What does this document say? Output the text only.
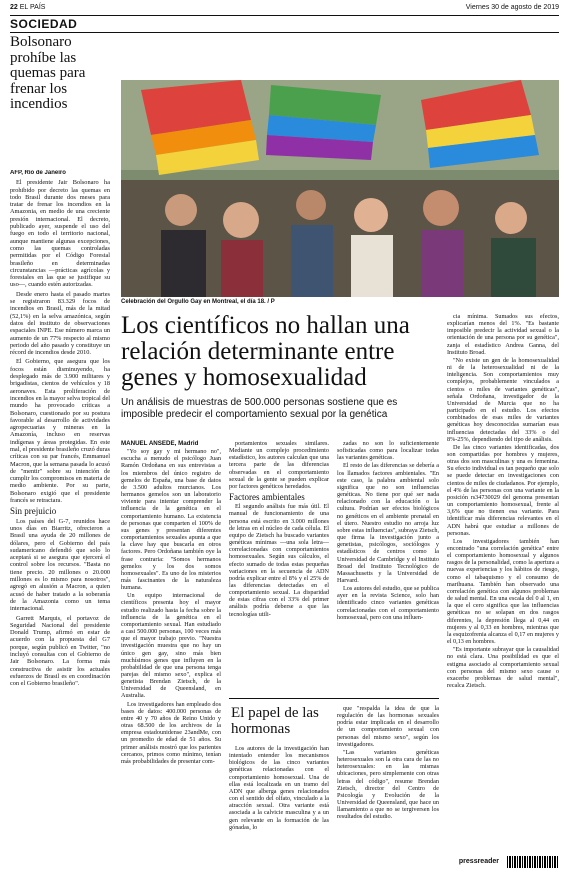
22 EL PAÍS	Viernes 30 de agosto de 2019
SOCIEDAD
Bolsonaro prohíbe las quemas para frenar los incendios
AFP, Río de Janeiro

El presidente Jair Bolsonaro ha prohibido por decreto las quemas en todo Brasil durante dos meses para tratar de frenar los incendios en la Amazonia, en medio de una creciente presión internacional. El decreto, publicado ayer, suspende el uso del fuego en todo el territorio nacional, aunque mantiene algunas excepciones, como las quemas controladas permitidas por el Código Forestal brasileño en determinadas circunstancias —prácticas agrícolas y forestales en las que se justifique su uso—, cuando estén autorizadas.

Desde enero hasta el pasado martes se registraron 83.329 focos de incendios en Brasil, más de la mitad (52,1%) en la selva amazónica, según datos del instituto de observaciones espaciales INPE. Ese número marca un aumento de un 77% respecto al mismo periodo del año pasado y constituye un récord de incendios desde 2010.

El Gobierno, que asegura que los focos están disminuyendo, ha desplegado más de 3.900 militares y brigadistas, cientos de vehículos y 18 aeronaves. Esta proliferación de incendios en la mayor selva tropical del mundo ha provocado críticas a Bolsonaro, cuestionado por su postura favorable al desarrollo de actividades agropecuarias y mineras en la Amazonía, incluso en reservas indígenas y áreas protegidas. En este mal, el presidente brasileño cruzó duras críticas con su par francés, Emmanuel Macron, que la semana pasada lo acusó de "mentir" sobre su intención de cumplir los compromisos en materia de medio ambiente. Por su parte, Bolsonaro exigió que el presidente francés se retractara.

Sin prejuicio

Los países del G-7, reunidos hace unos días en Biarritz, ofrecieron a Brasil una ayuda de 20 millones de dólares, pero el Gobierno del país sudamericano defendió que solo lo aceptará si se asegura que ejercerá el control sobre los recursos. "Basta no tiene precio. 20 millones o 20.000 millones es lo mismo para nosotros", agregó en alusión a Macron, a quien acusó de haber tratado a la soberanía de la Amazonia como un tema internacional.

Garrett Marquis, el portavoz de Seguridad Nacional del presidente Donald Trump, afirmó en estar de acuerdo con la propuesta del G7 porque, según publicó en Twitter, "no incluyó consultas con el Gobierno de Jair Bolsonaro. La forma más constructiva de asistir los actuales esfuerzos de Brasil es en coordinación con el Gobierno brasileño".

Celebración del Orgullo Gay en Montreal, el día 18. / P
Los científicos no hallan una relación determinante entre genes y homosexualidad
Un análisis de muestras de 500.000 personas sostiene que es imposible predecir el comportamiento sexual por la genética

MANUEL ANSEDE, Madrid

"Yo soy gay y mi hermano no", escucha a menudo el psicólogo Juan Ramón Ordoñana en sus entrevistas a los miembros del único registro de gemelos de España, una base de datos de 3.500 adultos murcianos. Los hermanos gemelos son un laboratorio viviente para intentar comprender la influencia de la genética en el comportamiento humano. La existencia de personas que comparten el 100% de sus genes y presentan diferentes comportamientos sexuales apunta a que la clave hay que buscarla en otros factores. Pero Ordoñana también oye la frase contraria: "Somos hermanos gemelos y los dos somos homosexuales". Es uno de los misterios más fascinantes de la naturaleza humana.

Un equipo internacional de científicos presenta hoy el mayor estudio realizado hasta la fecha sobre la influencia de la genética en el comportamiento sexual. Han estudiado a casi 500.000 personas, 100 veces más que el mayor trabajo previo. "Nuestra investigación muestra que no hay un único gen gay, sino más bien muchísimos genes que influyen en la probabilidad de que una persona tenga parejas del mismo sexo", explica el genetista Brendan Zietsch, de la Universidad de Queensland, en Australia.

Los investigadores han empleado dos bases de datos: 400.000 personas de entre 40 y 70 años de Reino Unido y otras 68.500 de los archivos de la empresa estadounidense 23andMe, con un promedio de edad de 51 años. Su primer análisis mostró que los parientes cercanos, primos como mínimo, tenían más probabilidades de presentar com-

portamientos sexuales similares. Mediante un complejo procedimiento estadístico, los autores calculan que una tercera parte de las diferencias observadas en el comportamiento sexual de la gente se pueden explicar por factores genéticos heredados.

Factores ambientales

El segundo análisis fue más útil. El manual de funcionamiento de una persona está escrito en 3.000 millones de letras en el núcleo de cada célula. El equipo de Zietsch ha buscado variantes genéticas mínimas —una sola letra— correlacionadas con comportamientos homosexuales. Según sus cálculos, el efecto sumado de todas estas pequeñas variaciones en la secuencia de ADN podría explicar entre el 8% y el 25% de las diferencias detectadas en el comportamiento sexual. La disparidad de estas cifras con el 33% del primer análisis podría deberse a que las tecnologías utili-

El papel de las hormonas

Los autores de la investigación han intentado entender los mecanismos biológicos de las cinco variantes genéticas relacionadas con el comportamiento homosexual. Una de ellas está localizada en un tramo del ADN que alberga genes relacionados con el sentido del olfato, vinculado a la atracción sexual. Otra variante está asociada a la calvicie masculina y a un gen relevante en la formación de las gónadas, lo

zadas no son lo suficientemente sofisticadas como para localizar todas las variantes genéticas.

El resto de las diferencias se debería a los llamados factores ambientales. "En este caso, la palabra ambiental solo significa que no son influencias genéticas. No tiene por qué ser nada relacionado con la educación o la cultura. Podrían ser efectos biológicos no genéticos en el ambiente prenatal en el útero. Nuestro estudio no arroja luz sobre estas influencias", subraya Zietsch, que firma la investigación junto a genetistas, psicólogos, sociólogos y estadísticos de centros como la Universidad de Cambridge y el Instituto Broad del Instituto Tecnológico de Massachusetts y la Universidad de Harvard.

Los autores del estudio, que se publica ayer en la revista Science, solo han identificado cinco variantes genéticas correlacionadas con el comportamiento homosexual, pero con una influen-

que "respalda la idea de que la regulación de las hormonas sexuales podría estar implicada en el desarrollo de un comportamiento sexual con personas del mismo sexo", según los investigadores.

"Las variantes genéticas heterosexuales son la otra cara de las no heterosexuales: en las mismas ubicaciones, pero simplemente con otras letras del código", resume Brendan Zietsch, director del Centro de Psicología y Evolución de la Universidad de Queensland, que hace un llamamiento a que no se tergiversen los resultados del estudio.

cia mínima. Sumados sus efectos, explicarían menos del 1%. "Es bastante imposible predecir la actividad sexual o la orientación de una persona por su genética", zanja el estadístico Andrea Ganna, del Instituto Broad.

"No existe un gen de la homosexualidad ni de la heterosexualidad ni de la inteligencia. Son comportamientos muy complejos, probablemente vinculados a cientos o miles de variantes genéticas", señala Ordoñana, investigador de la Universidad de Murcia que no ha participado en el estudio. Los efectos combinados de esas miles de variantes genéticas hoy desconocidas sumarían esas influencias detectadas del 33% o del 8%-25%, dependiendo del tipo de análisis.

De las cinco variantes identificadas, dos son compartidas por hombres y mujeres, otras dos son masculinas y una es femenina. Su efecto individual es tan pequeño que solo se puede detectar en investigaciones con cientos de miles de ciudadanos. Por ejemplo, el 4% de las personas con una variante en la posición rs34730029 del genoma presentan un comportamiento homosexual, frente al 3,6% que no tienen esa variante. Para identificar más diferencias relevantes en el ADN habrá que estudiar a millones de personas.

Los investigadores también han encontrado "una correlación genética" entre el comportamiento homosexual y algunos rasgos de la personalidad, como la apertura a nuevas experiencias y los hábitos de riesgo, como el tabaquismo y el consumo de marihuana. También han observado una correlación genética con algunos problemas de salud mental. En una escala del 0 al 1, en la que el cero significa que las influencias genéticas no se solapan en dos rasgos diferentes, la depresión llega al 0,44 en mujeres y al 0,33 en hombres, mientras que la esquizofrenia alcanza el 0,17 en mujeres y el 0,13 en hombres.

"Es importante subrayar que la causalidad no está clara. Una posibilidad es que el estigma asociado al comportamiento sexual con personas del mismo sexo cause o exacerbe problemas de salud mental", recalca Zietsch.

pressreader
